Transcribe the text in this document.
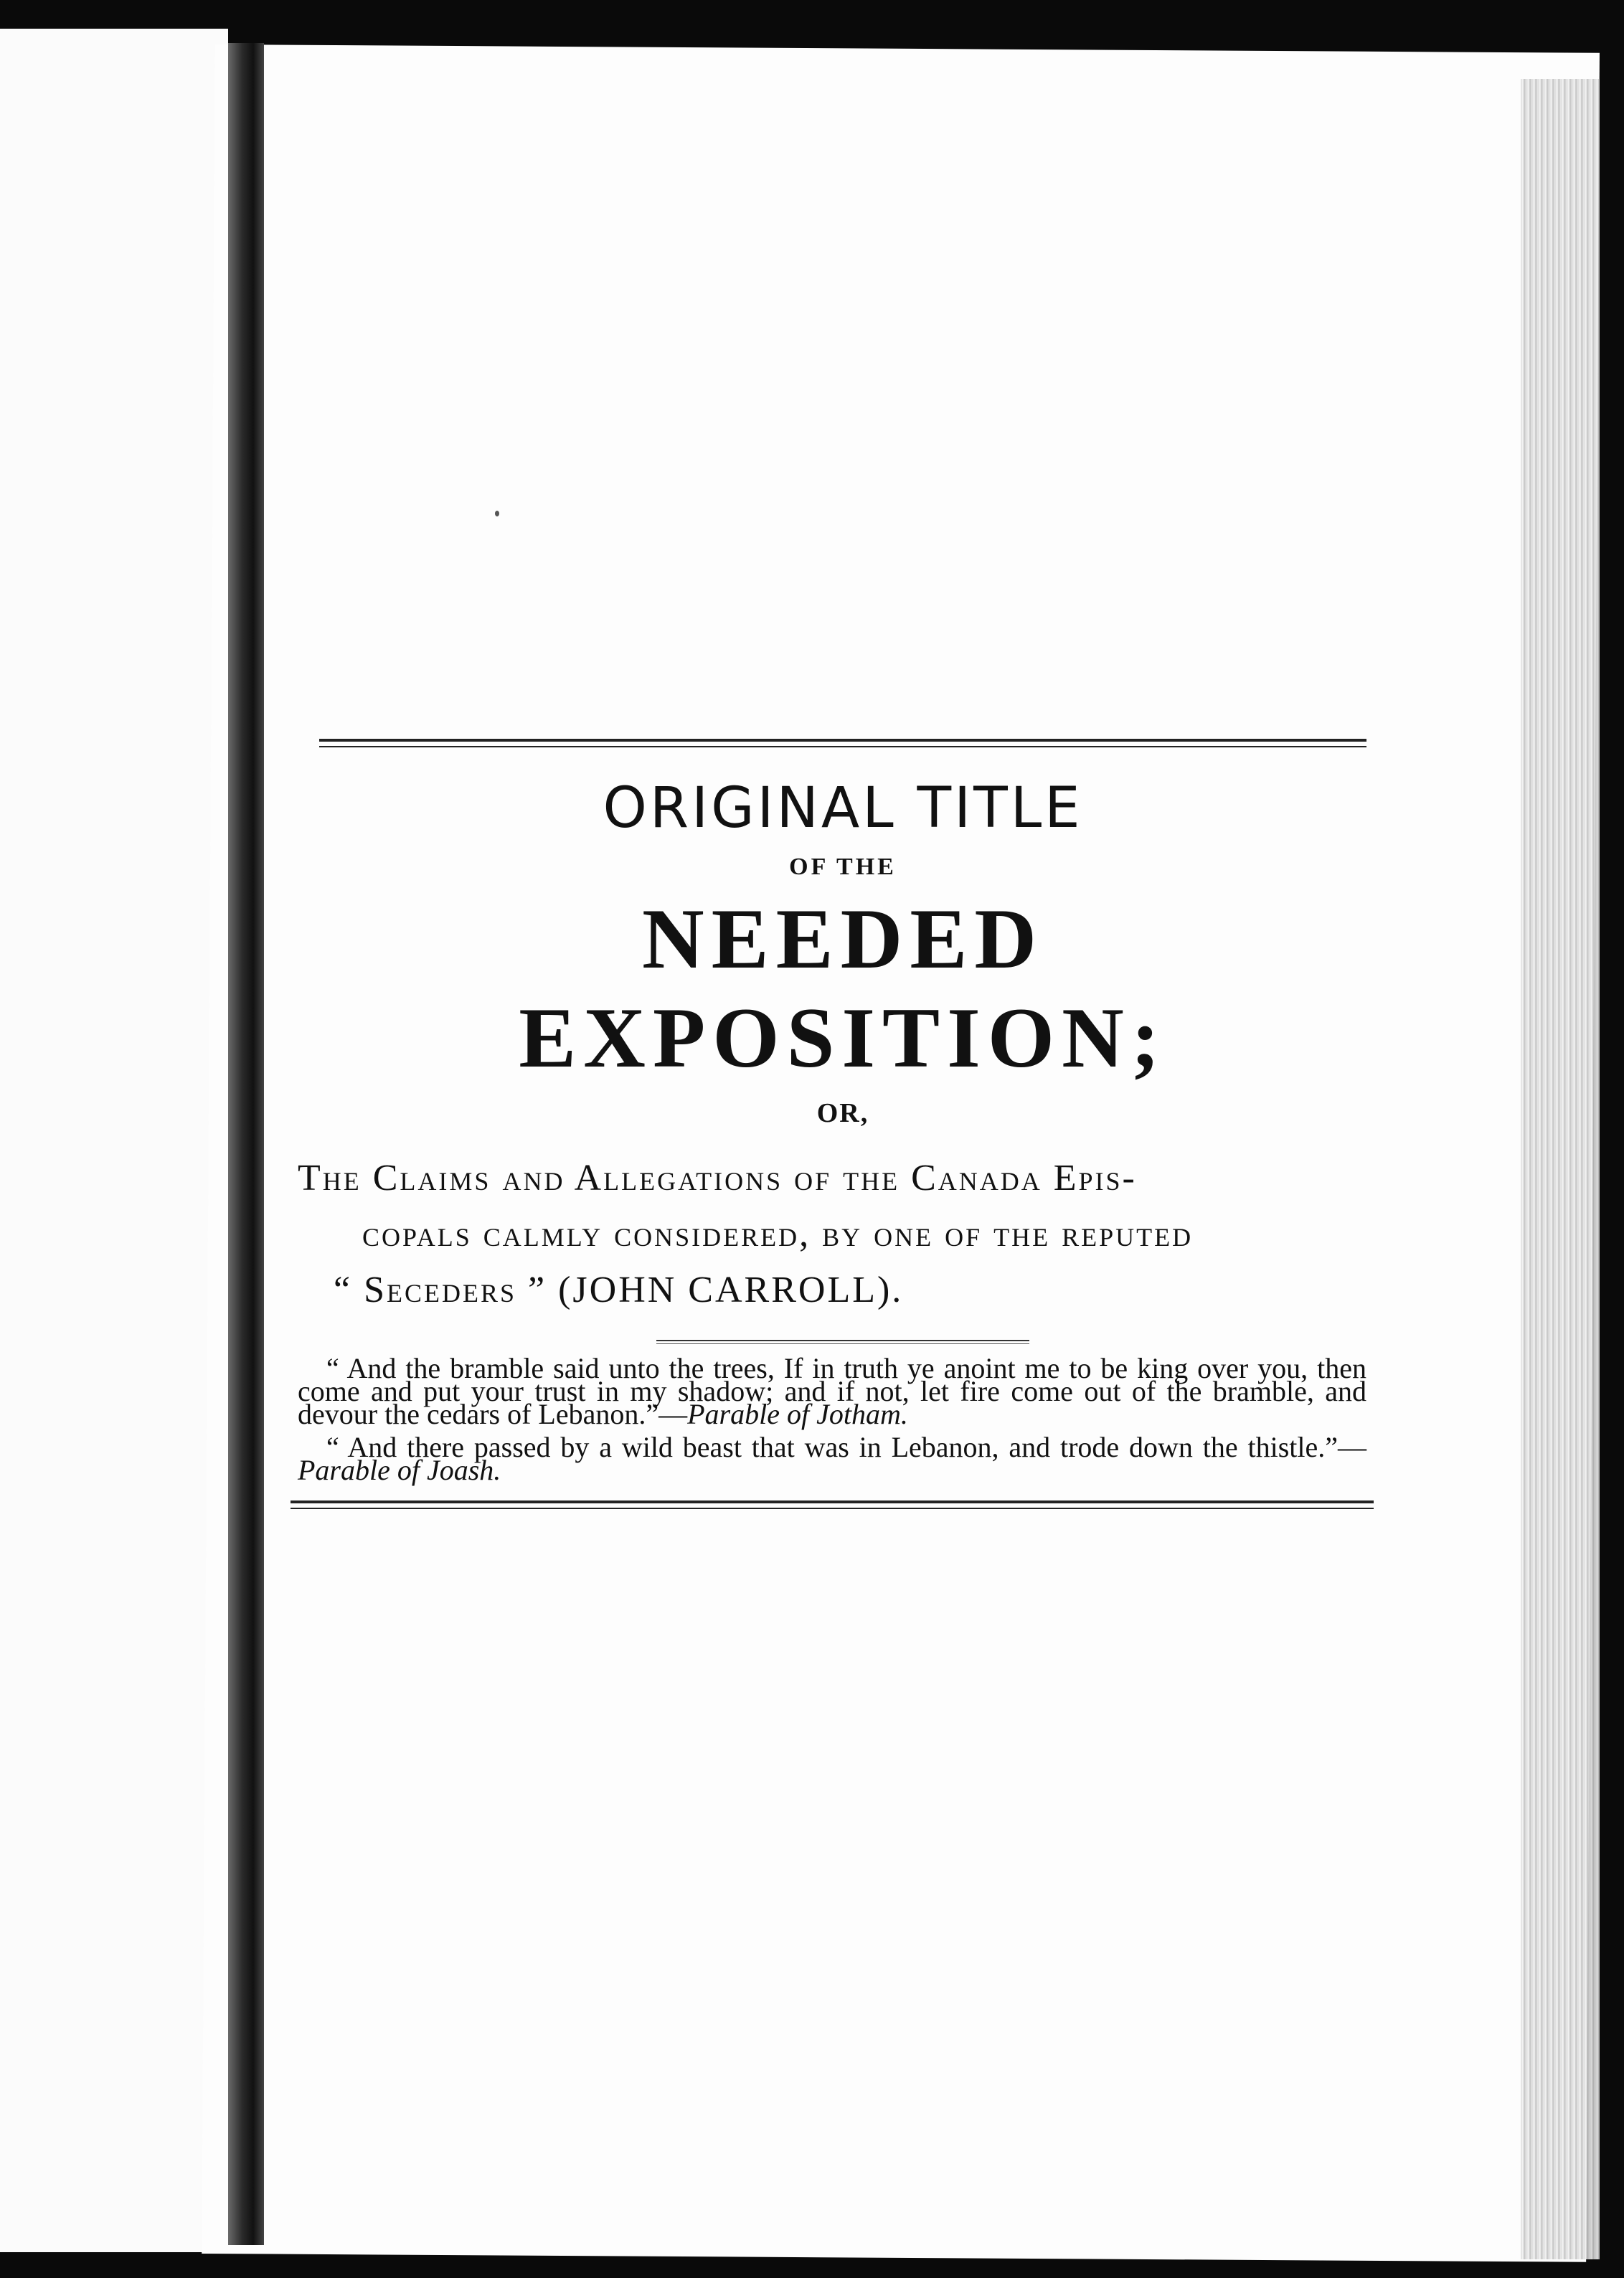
ORIGINAL TITLE
OF THE
NEEDED EXPOSITION;
OR,
The Claims and Allegations of the Canada Epis-
copals calmly considered, by one of the reputed
“ Seceders ” (JOHN CARROLL).

“ And the bramble said unto the trees, If in truth ye anoint me to be king over you, then come and put your trust in my shadow; and if not, let fire come out of the bramble, and devour the cedars of Lebanon.”—Parable of Jotham.

“ And there passed by a wild beast that was in Lebanon, and trode down the thistle.”—Parable of Joash.
